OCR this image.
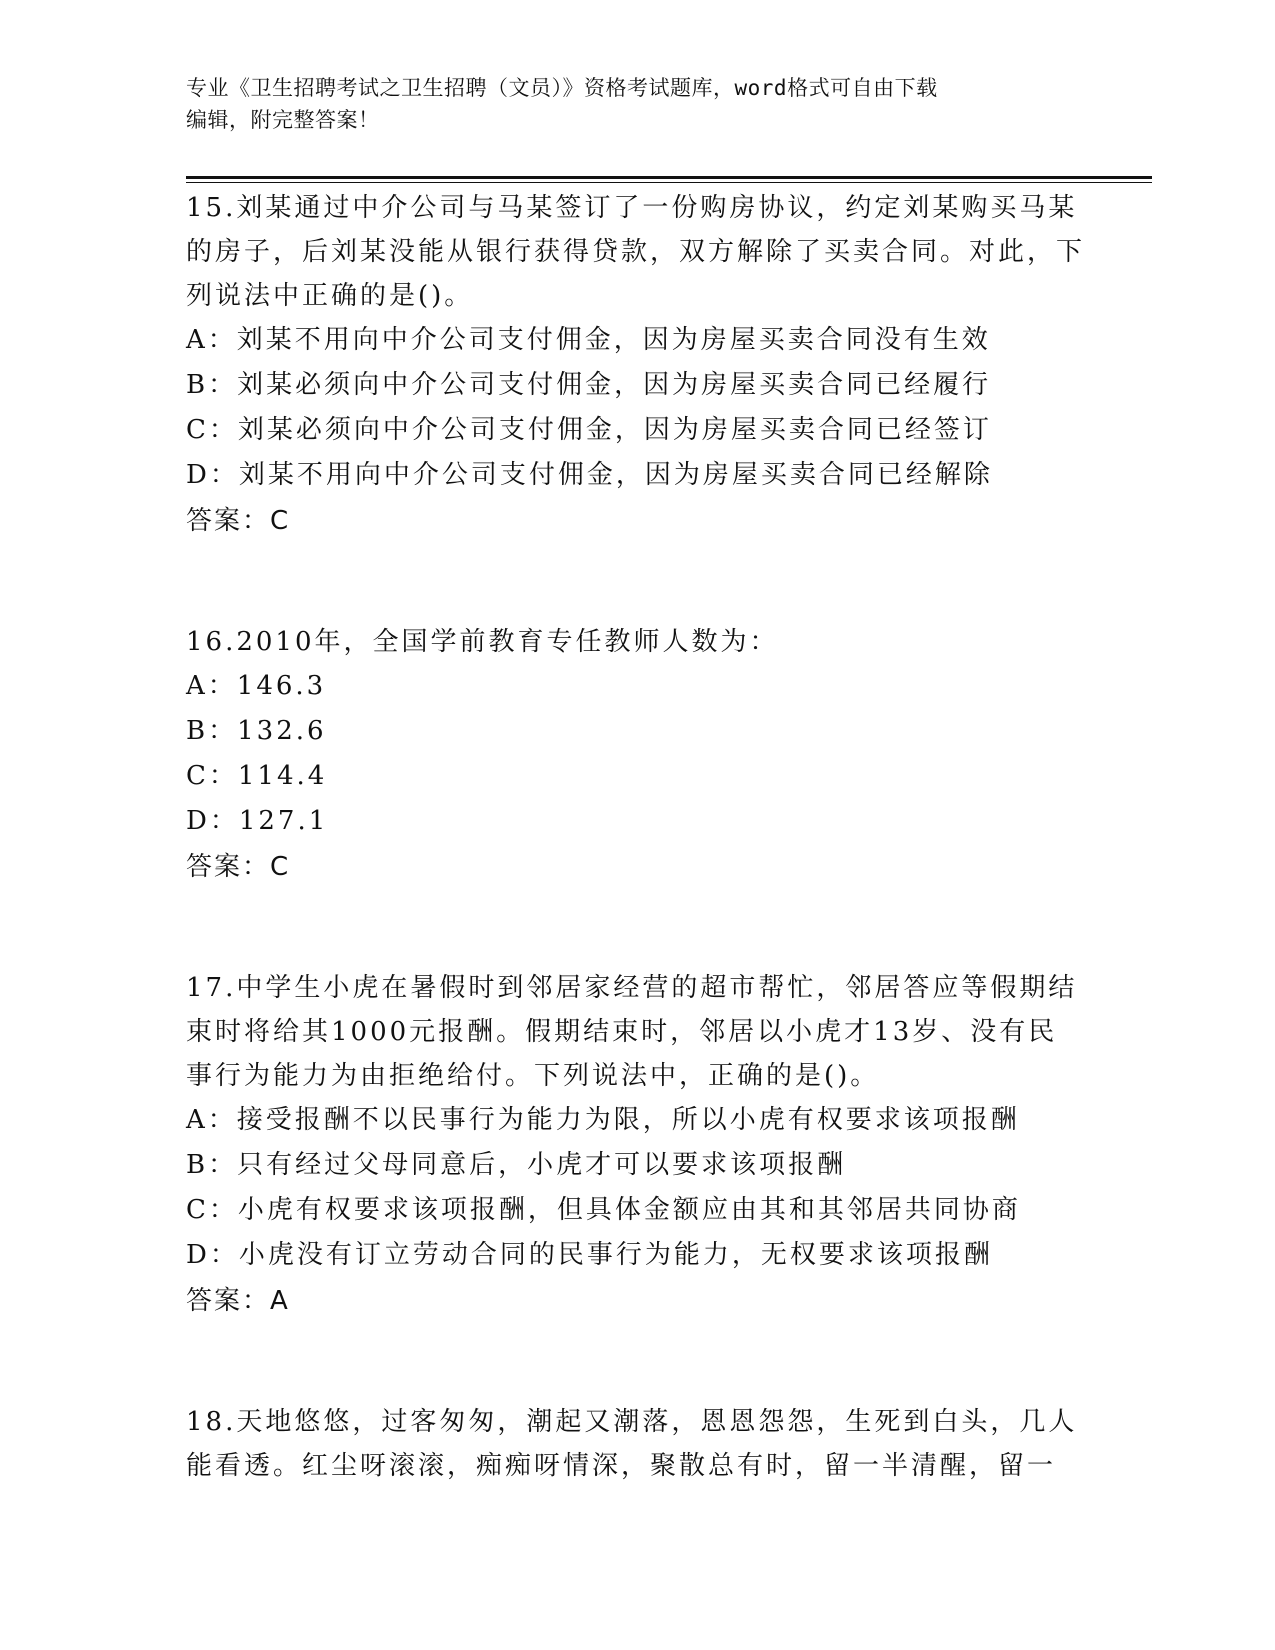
专业《卫生招聘考试之卫生招聘（文员）》资格考试题库，word格式可自由下载
编辑，附完整答案！

15.刘某通过中介公司与马某签订了一份购房协议，约定刘某购买马某的房子，后刘某没能从银行获得贷款，双方解除了买卖合同。对此，下列说法中正确的是()。

A：刘某不用向中介公司支付佣金，因为房屋买卖合同没有生效

B：刘某必须向中介公司支付佣金，因为房屋买卖合同已经履行

C：刘某必须向中介公司支付佣金，因为房屋买卖合同已经签订

D：刘某不用向中介公司支付佣金，因为房屋买卖合同已经解除

答案：C

16.2010年，全国学前教育专任教师人数为：

A：146.3

B：132.6

C：114.4

D：127.1

答案：C

17.中学生小虎在暑假时到邻居家经营的超市帮忙，邻居答应等假期结束时将给其1000元报酬。假期结束时，邻居以小虎才13岁、没有民事行为能力为由拒绝给付。下列说法中，正确的是()。

A：接受报酬不以民事行为能力为限，所以小虎有权要求该项报酬

B：只有经过父母同意后，小虎才可以要求该项报酬

C：小虎有权要求该项报酬，但具体金额应由其和其邻居共同协商

D：小虎没有订立劳动合同的民事行为能力，无权要求该项报酬

答案：A

18.天地悠悠，过客匆匆，潮起又潮落，恩恩怨怨，生死到白头，几人能看透。红尘呀滚滚，痴痴呀情深，聚散总有时，留一半清醒，留一
